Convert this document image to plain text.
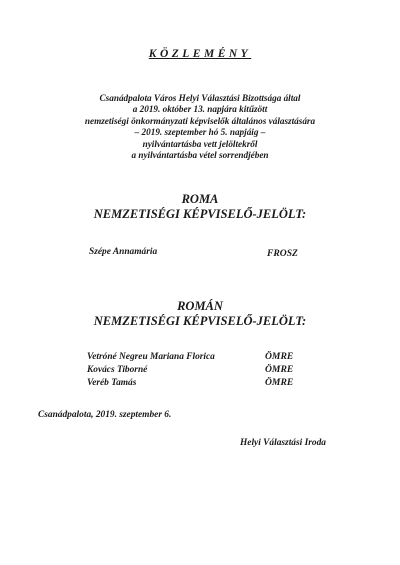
KÖZLEMÉNY
Csanádpalota Város Helyi Választási Bizottsága által
a 2019. október 13. napjára kitűzött
nemzetiségi önkormányzati képviselők általános választására
– 2019. szeptember hó 5. napjáig –
nyilvántartásba vett jelöltekről
a nyilvántartásba vétel sorrendjében
ROMA
NEMZETISÉGI KÉPVISELŐ-JELÖLT:
Szépe Annamária	FROSZ
ROMÁN
NEMZETISÉGI KÉPVISELŐ-JELÖLT:
Vetróné Negreu Mariana Florica	ÖMRE
Kovács Tiborné	ÖMRE
Veréb Tamás	ÖMRE
Csanádpalota, 2019. szeptember 6.
Helyi Választási Iroda
